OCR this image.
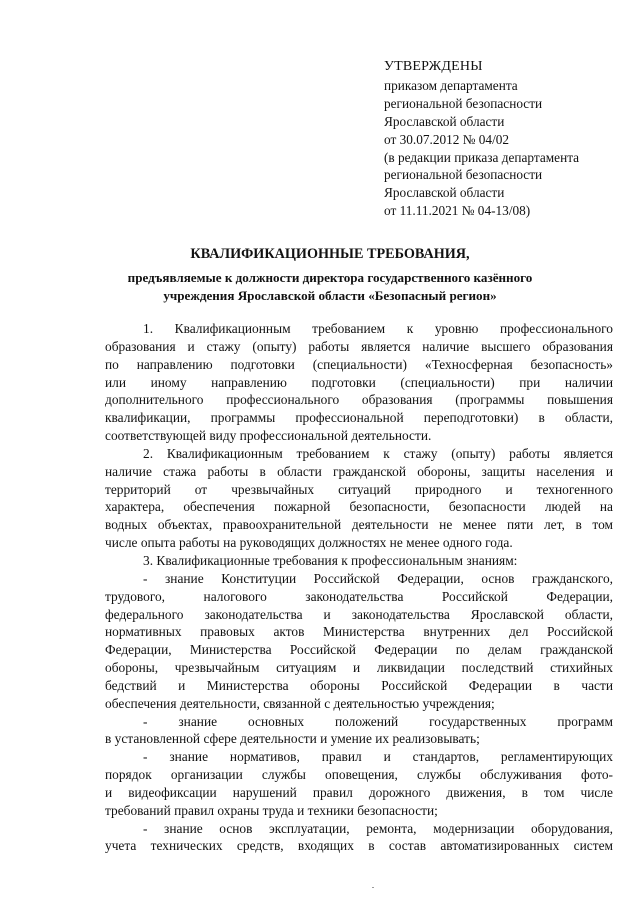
УТВЕРЖДЕНЫ
приказом департамента
региональной безопасности
Ярославской области
от 30.07.2012 № 04/02
(в редакции приказа департамента
региональной безопасности
Ярославской области
от 11.11.2021 № 04-13/08)
КВАЛИФИКАЦИОННЫЕ ТРЕБОВАНИЯ,
предъявляемые к должности директора государственного казённого
учреждения Ярославской области «Безопасный регион»
1. Квалификационным требованием к уровню профессионального
образования и стажу (опыту) работы является наличие высшего образования
по направлению подготовки (специальности) «Техносферная безопасность»
или иному направлению подготовки (специальности) при наличии
дополнительного профессионального образования (программы повышения
квалификации, программы профессиональной переподготовки) в области,
соответствующей виду профессиональной деятельности.
2. Квалификационным требованием к стажу (опыту) работы является
наличие стажа работы в области гражданской обороны, защиты населения и
территорий от чрезвычайных ситуаций природного и техногенного
характера, обеспечения пожарной безопасности, безопасности людей на
водных объектах, правоохранительной деятельности не менее пяти лет, в том
числе опыта работы на руководящих должностях не менее одного года.
3. Квалификационные требования к профессиональным знаниям:
- знание Конституции Российской Федерации, основ гражданского,
трудового, налогового законодательства Российской Федерации,
федерального законодательства и законодательства Ярославской области,
нормативных правовых актов Министерства внутренних дел Российской
Федерации, Министерства Российской Федерации по делам гражданской
обороны, чрезвычайным ситуациям и ликвидации последствий стихийных
бедствий и Министерства обороны Российской Федерации в части
обеспечения деятельности, связанной с деятельностью учреждения;
- знание основных положений государственных программ
в установленной сфере деятельности и умение их реализовывать;
- знание нормативов, правил и стандартов, регламентирующих
порядок организации службы оповещения, службы обслуживания фото-
и видеофиксации нарушений правил дорожного движения, в том числе
требований правил охраны труда и техники безопасности;
- знание основ эксплуатации, ремонта, модернизации оборудования,
учета технических средств, входящих в состав автоматизированных систем
